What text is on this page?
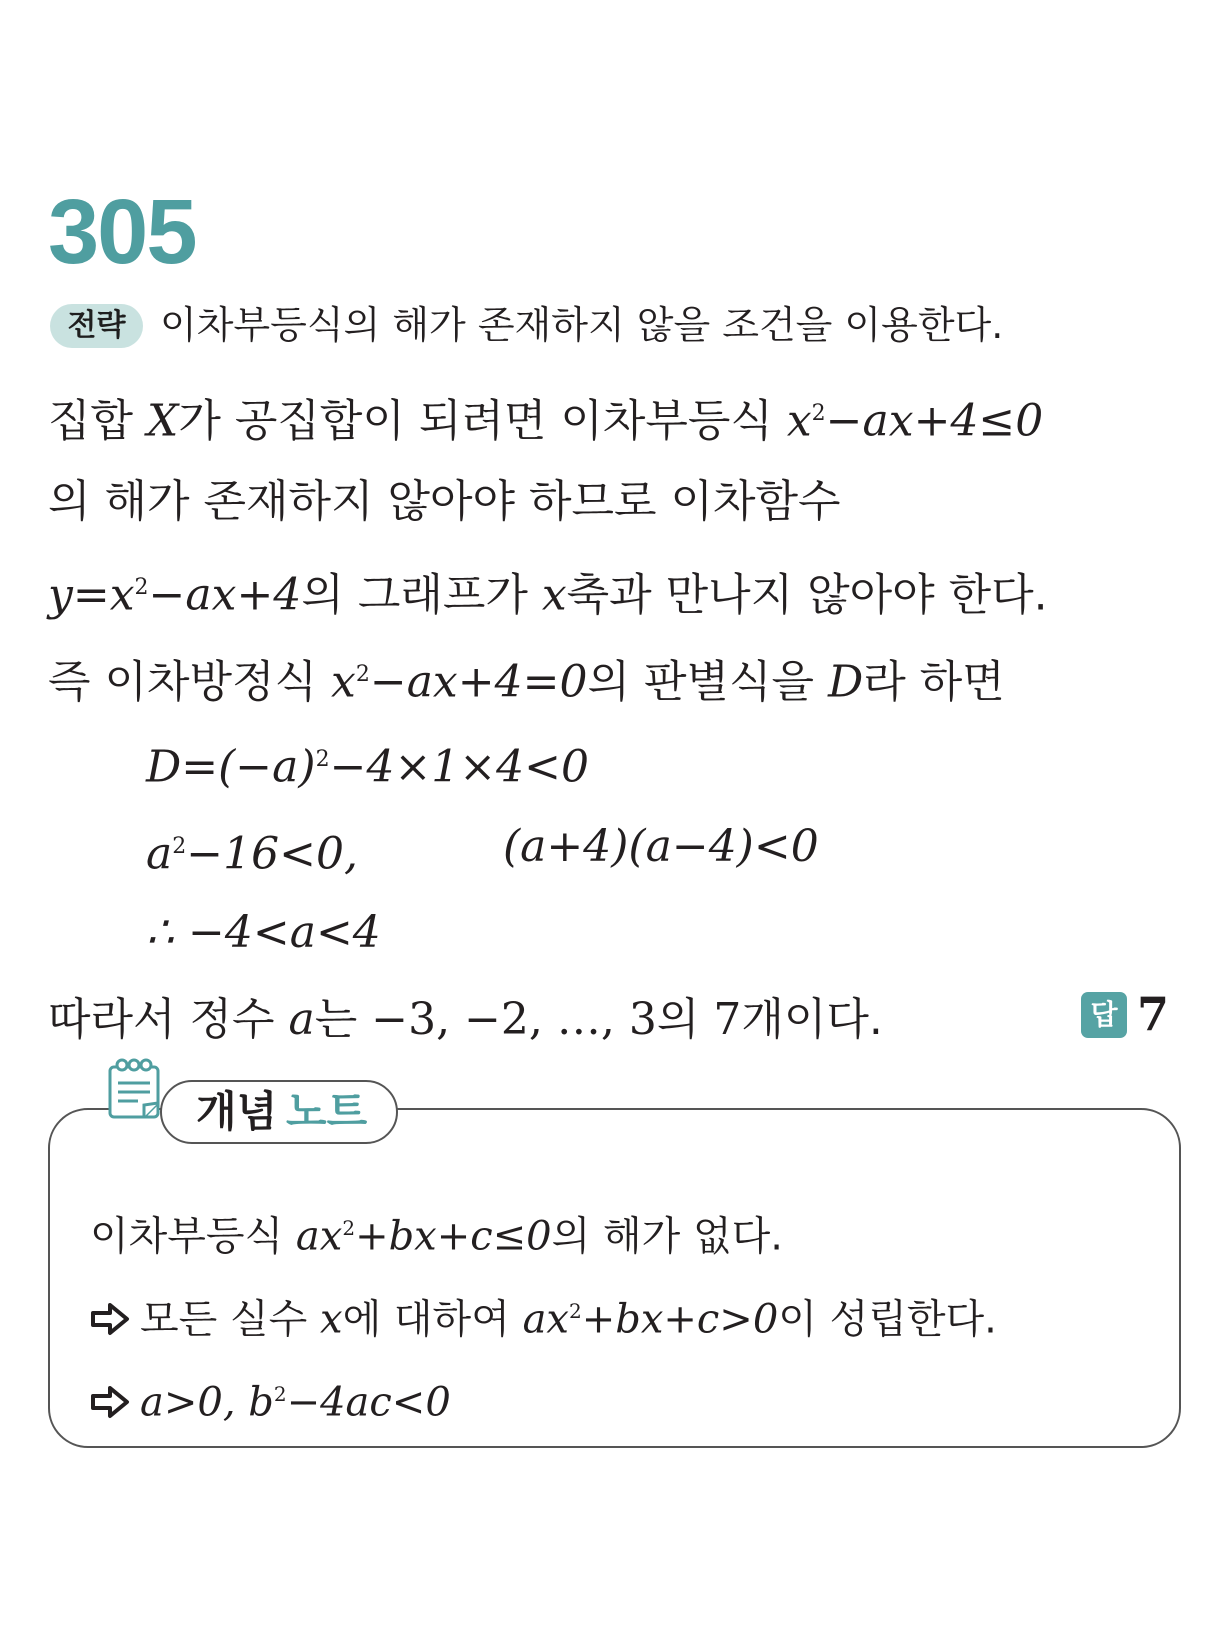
305
전략 이차부등식의 해가 존재하지 않을 조건을 이용한다.
집합 X가 공집합이 되려면 이차부등식 $x^2-ax+4\le 0$
의 해가 존재하지 않아야 하므로 이차함수
$y=x^2-ax+4$의 그래프가 x축과 만나지 않아야 한다.
즉 이차방정식 $x^2-ax+4=0$의 판별식을 D라 하면
$D=(-a)^2-4\times 1\times 4<0$
$a^2-16<0$,	(a+4)(a−4)<0
∴ −4<a<4
따라서 정수 a는 −3, −2, …, 3의 7개이다.	답 7
개념 노트
이차부등식 $ax^2+bx+c\le 0$의 해가 없다.
모든 실수 x에 대하여 $ax^2+bx+c>0$이 성립한다.
a>0, $b^2-4ac<0$
